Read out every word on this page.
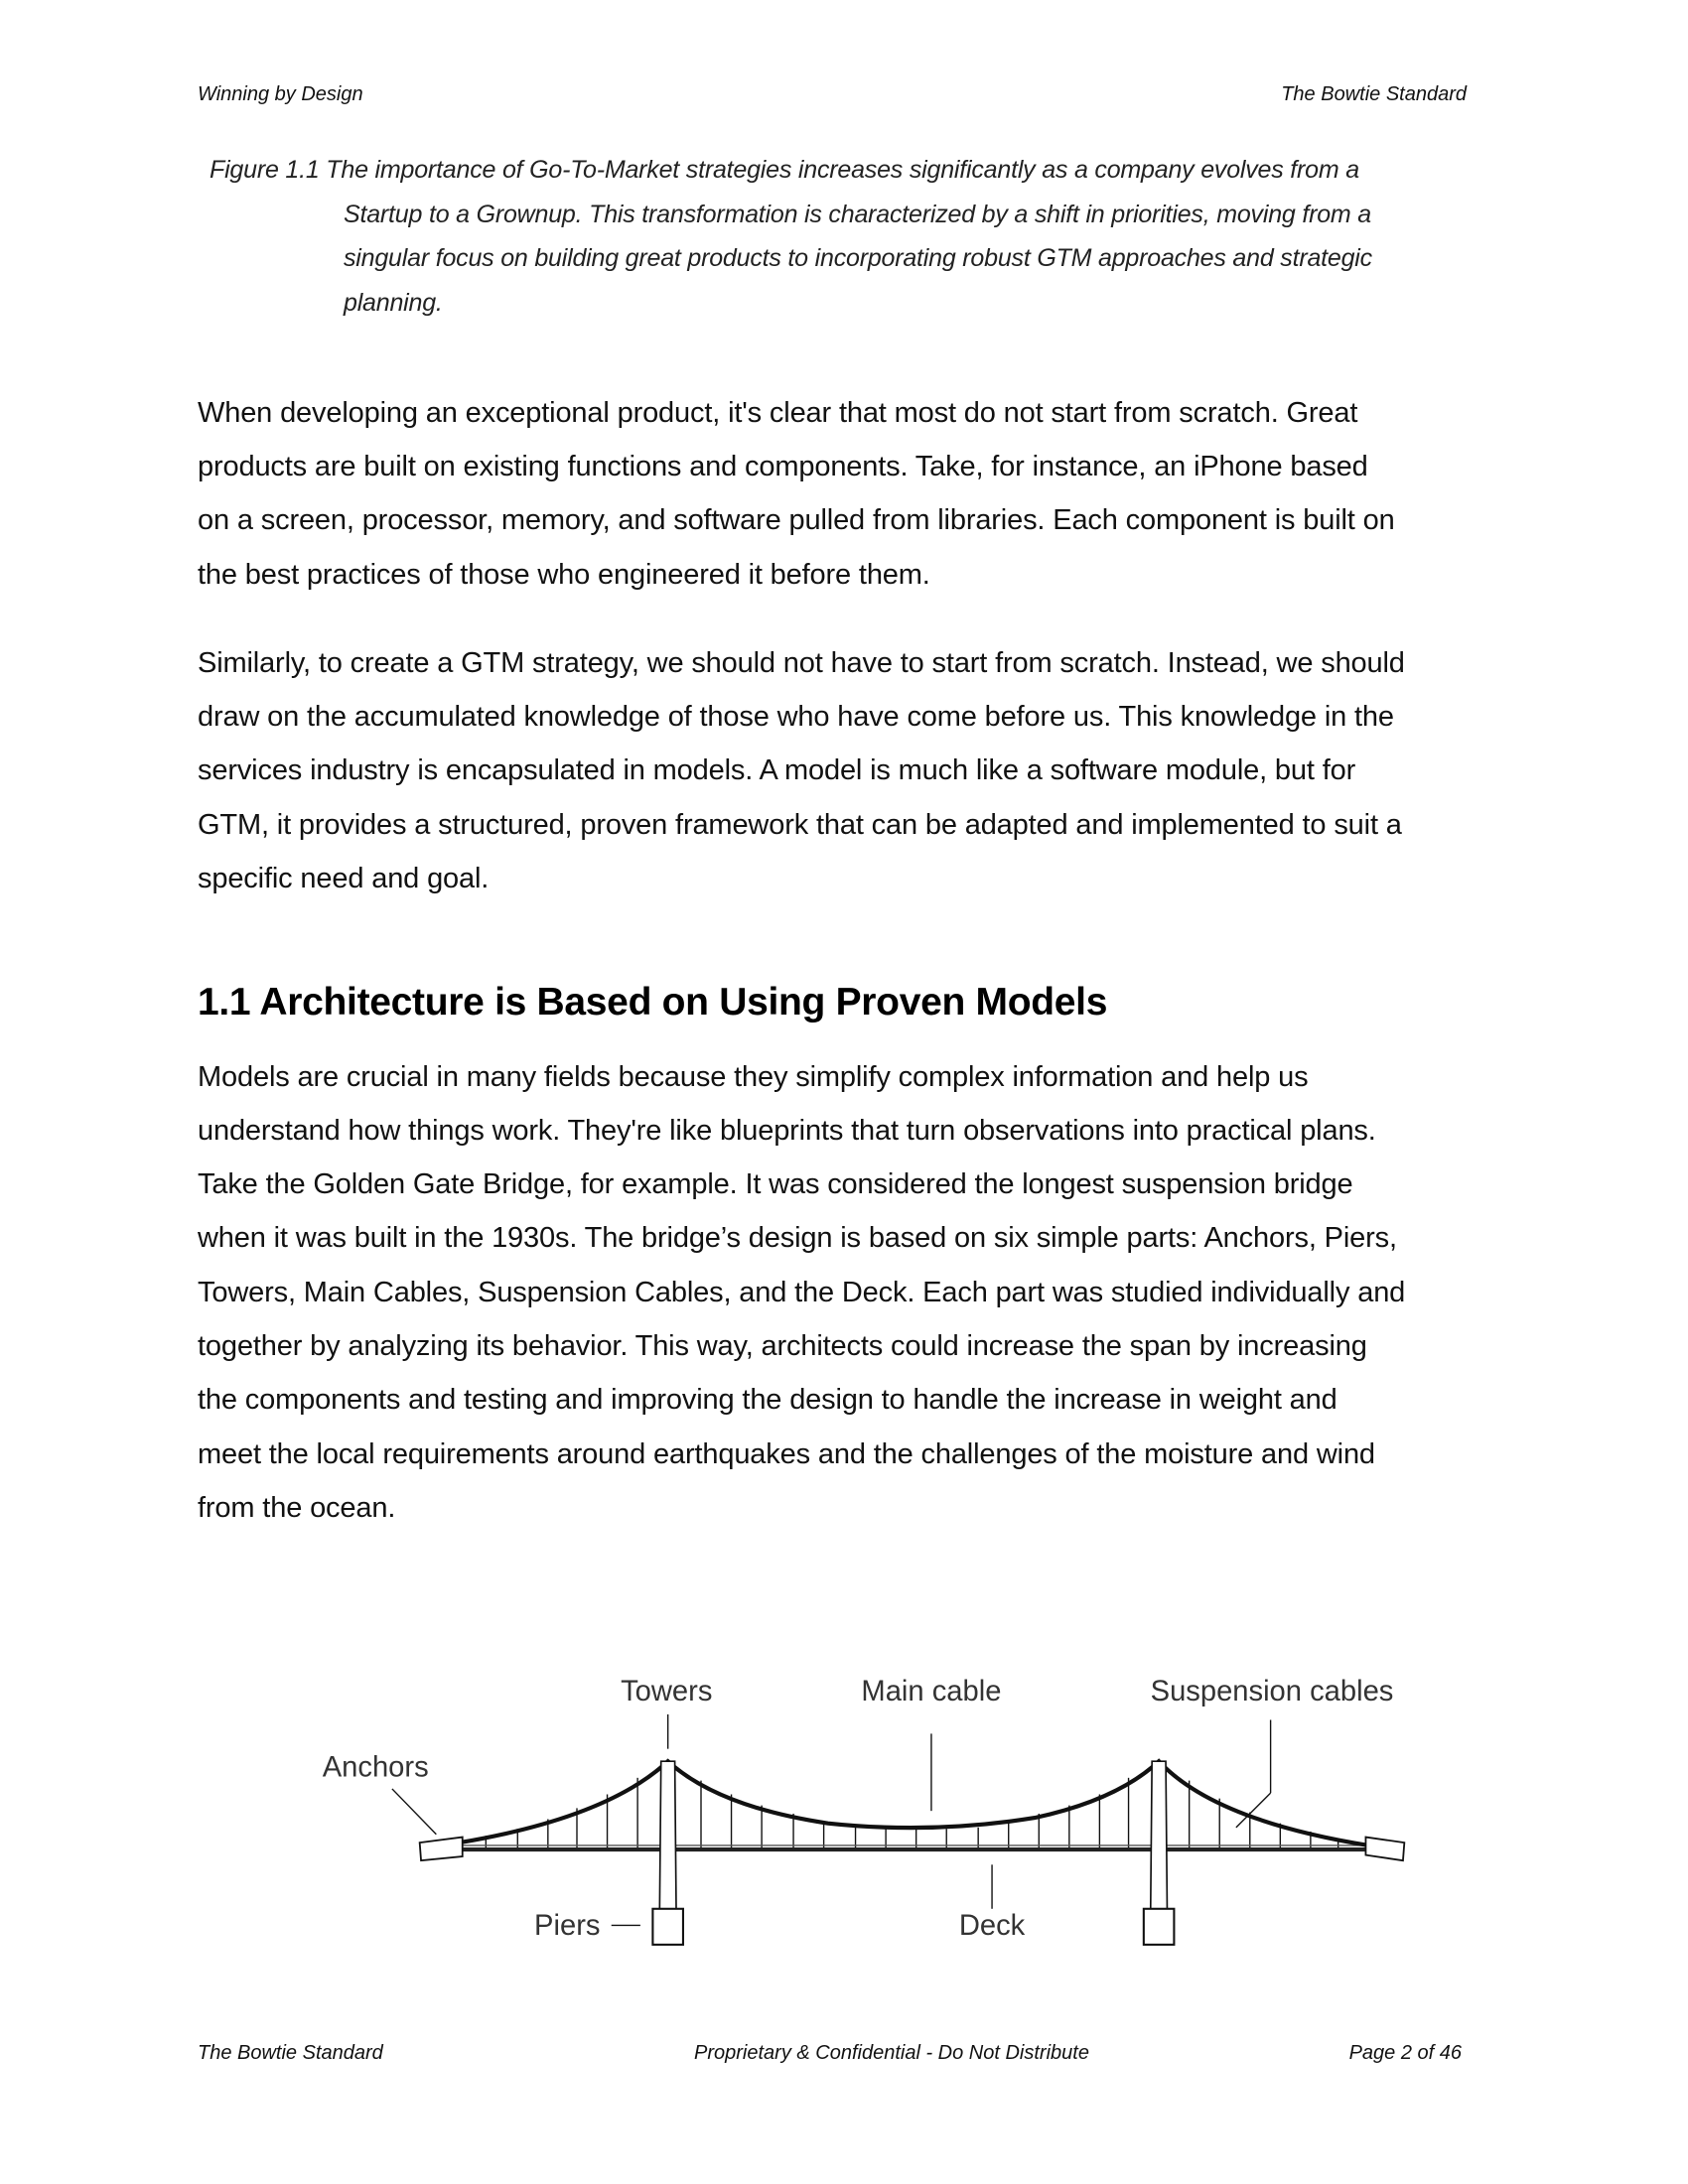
Winning by Design	The Bowtie Standard
Figure 1.1 The importance of Go-To-Market strategies increases significantly as a company evolves from a
Startup to a Grownup. This transformation is characterized by a shift in priorities, moving from a
singular focus on building great products to incorporating robust GTM approaches and strategic
planning.
When developing an exceptional product, it's clear that most do not start from scratch. Great
products are built on existing functions and components. Take, for instance, an iPhone based
on a screen, processor, memory, and software pulled from libraries. Each component is built on
the best practices of those who engineered it before them.
Similarly, to create a GTM strategy, we should not have to start from scratch. Instead, we should
draw on the accumulated knowledge of those who have come before us. This knowledge in the
services industry is encapsulated in models. A model is much like a software module, but for
GTM, it provides a structured, proven framework that can be adapted and implemented to suit a
specific need and goal.
1.1 Architecture is Based on Using Proven Models
Models are crucial in many fields because they simplify complex information and help us
understand how things work. They're like blueprints that turn observations into practical plans.
Take the Golden Gate Bridge, for example. It was considered the longest suspension bridge
when it was built in the 1930s. The bridge’s design is based on six simple parts: Anchors, Piers,
Towers, Main Cables, Suspension Cables, and the Deck. Each part was studied individually and
together by analyzing its behavior. This way, architects could increase the span by increasing
the components and testing and improving the design to handle the increase in weight and
meet the local requirements around earthquakes and the challenges of the moisture and wind
from the ocean.
Towers	Main cable	Suspension cables
Anchors
Piers	Deck
The Bowtie Standard	Proprietary & Confidential - Do Not Distribute	Page 2 of 46
